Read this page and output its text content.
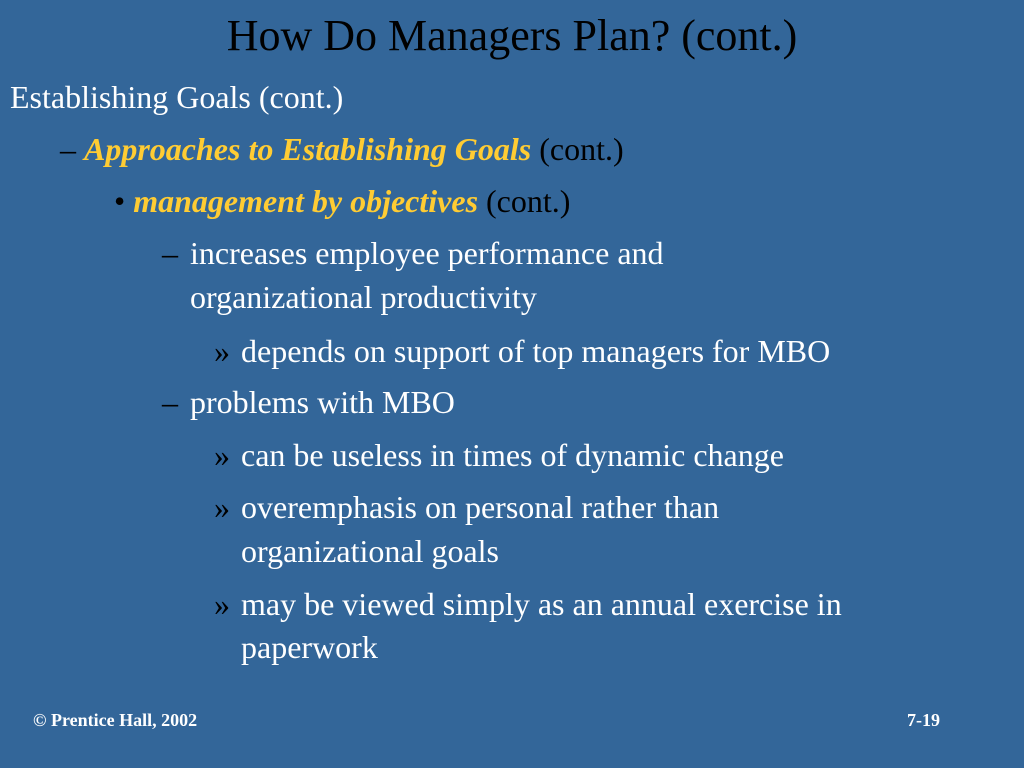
How Do Managers Plan? (cont.)
Establishing Goals (cont.)
– Approaches to Establishing Goals (cont.)
• management by objectives (cont.)
– increases employee performance and
organizational productivity
» depends on support of top managers for MBO
– problems with MBO
» can be useless in times of dynamic change
» overemphasis on personal rather than
organizational goals
» may be viewed simply as an annual exercise in
paperwork
© Prentice Hall, 2002	7-19
